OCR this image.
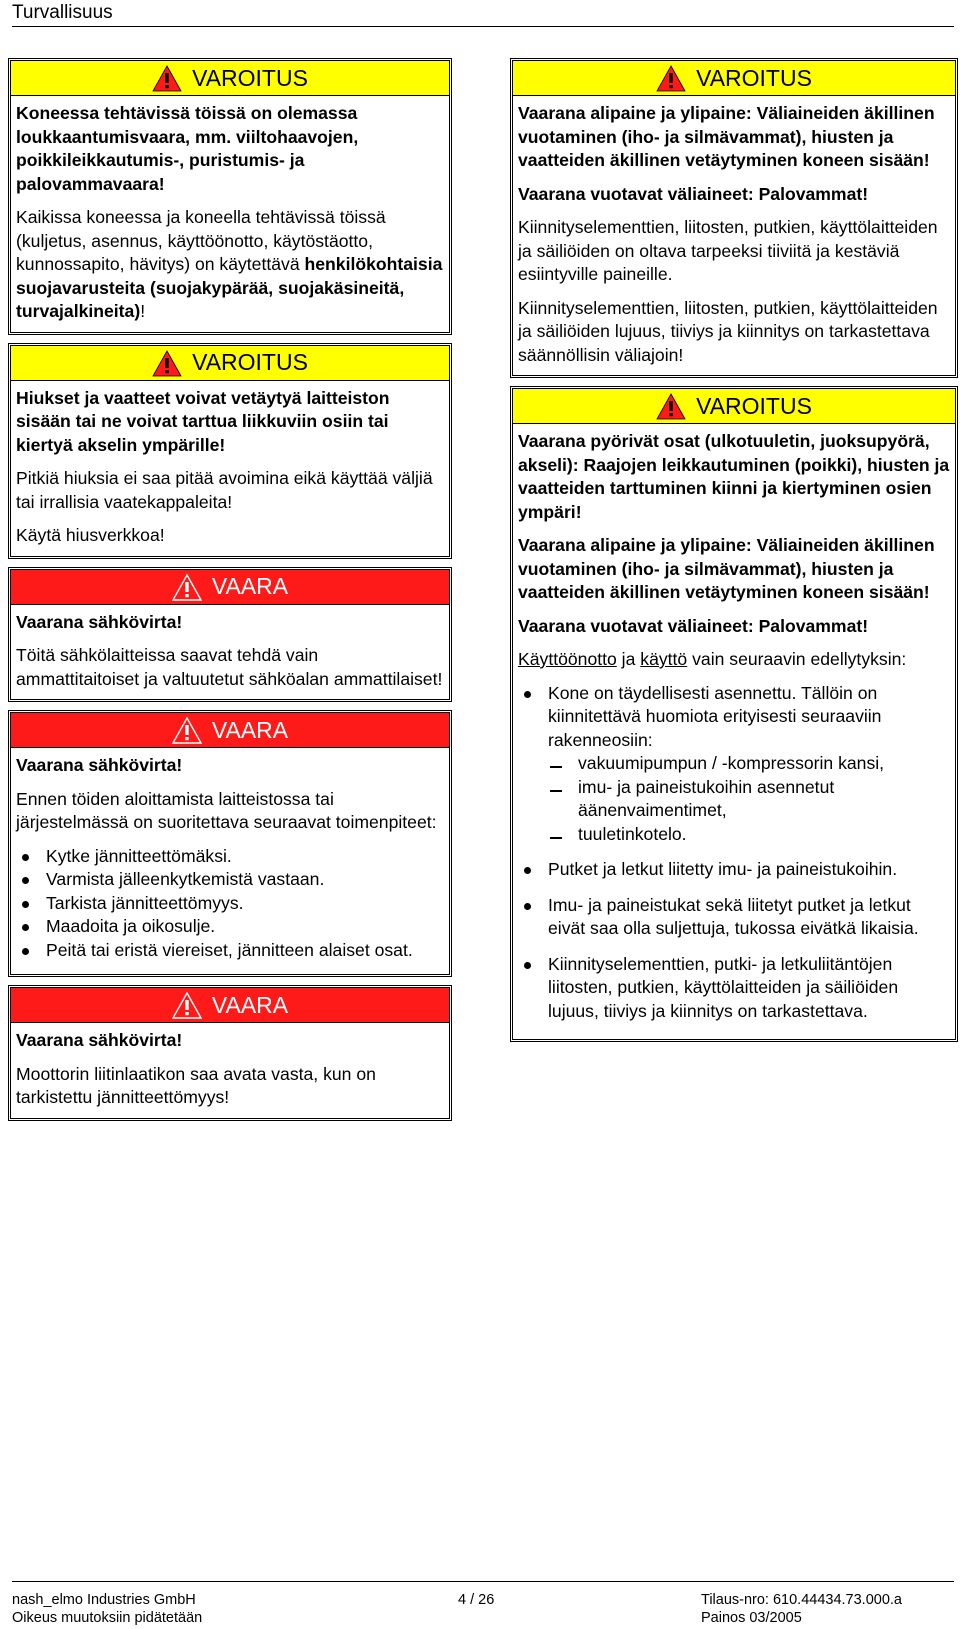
Turvallisuus
VAROITUS

Koneessa tehtävissä töissä on olemassa loukkaantumisvaara, mm. viiltohaavojen, poikkileikkautumis-, puristumis- ja palovammavaara!

Kaikissa koneessa ja koneella tehtävissä töissä (kuljetus, asennus, käyttöönotto, käytöstäotto, kunnossapito, hävitys) on käytettävä henkilökohtaisia suojavarusteita (suojakypärää, suojakäsineitä, turvajalkineita)!

VAROITUS

Hiukset ja vaatteet voivat vetäytyä laitteiston sisään tai ne voivat tarttua liikkuviin osiin tai kiertyä akselin ympärille!

Pitkiä hiuksia ei saa pitää avoimina eikä käyttää väljiä tai irrallisia vaatekappaleita!

Käytä hiusverkkoa!

VAARA

Vaarana sähkövirta!

Töitä sähkölaitteissa saavat tehdä vain ammattitaitoiset ja valtuutetut sähköalan ammattilaiset!

VAARA

Vaarana sähkövirta!

Ennen töiden aloittamista laitteistossa tai järjestelmässä on suoritettava seuraavat toimenpiteet:

Kytke jännitteettömäksi.
Varmista jälleenkytkemistä vastaan.
Tarkista jännitteettömyys.
Maadoita ja oikosulje.
Peitä tai eristä viereiset, jännitteen alaiset osat.
VAARA

Vaarana sähkövirta!

Moottorin liitinlaatikon saa avata vasta, kun on tarkistettu jännitteettömyys!

VAROITUS

Vaarana alipaine ja ylipaine: Väliaineiden äkillinen vuotaminen (iho- ja silmävammat), hiusten ja vaatteiden äkillinen vetäytyminen koneen sisään!

Vaarana vuotavat väliaineet: Palovammat!

Kiinnityselementtien, liitosten, putkien, käyttölaitteiden ja säiliöiden on oltava tarpeeksi tiiviitä ja kestäviä esiintyville paineille.

Kiinnityselementtien, liitosten, putkien, käyttölaitteiden ja säiliöiden lujuus, tiiviys ja kiinnitys on tarkastettava säännöllisin väliajoin!

VAROITUS

Vaarana pyörivät osat (ulkotuuletin, juoksupyörä, akseli): Raajojen leikkautuminen (poikki), hiusten ja vaatteiden tarttuminen kiinni ja kiertyminen osien ympäri!

Vaarana alipaine ja ylipaine: Väliaineiden äkillinen vuotaminen (iho- ja silmävammat), hiusten ja vaatteiden äkillinen vetäytyminen koneen sisään!

Vaarana vuotavat väliaineet: Palovammat!

Käyttöönotto ja käyttö vain seuraavin edellytyksin:

Kone on täydellisesti asennettu. Tällöin on kiinnitettävä huomiota erityisesti seuraaviin rakenneosiin:
vakuumipumpun / -kompressorin kansi,
imu- ja paineistukoihin asennetut äänenvaimentimet,
tuuletinkotelo.
Putket ja letkut liitetty imu- ja paineistukoihin.
Imu- ja paineistukat sekä liitetyt putket ja letkut eivät saa olla suljettuja, tukossa eivätkä likaisia.
Kiinnityselementtien, putki- ja letkuliitäntöjen liitosten, putkien, käyttölaitteiden ja säiliöiden lujuus, tiiviys ja kiinnitys on tarkastettava.
nash_elmo Industries GmbH
Oikeus muutoksiin pidätetään
4 / 26	Tilaus-nro: 610.44434.73.000.a
Painos 03/2005
